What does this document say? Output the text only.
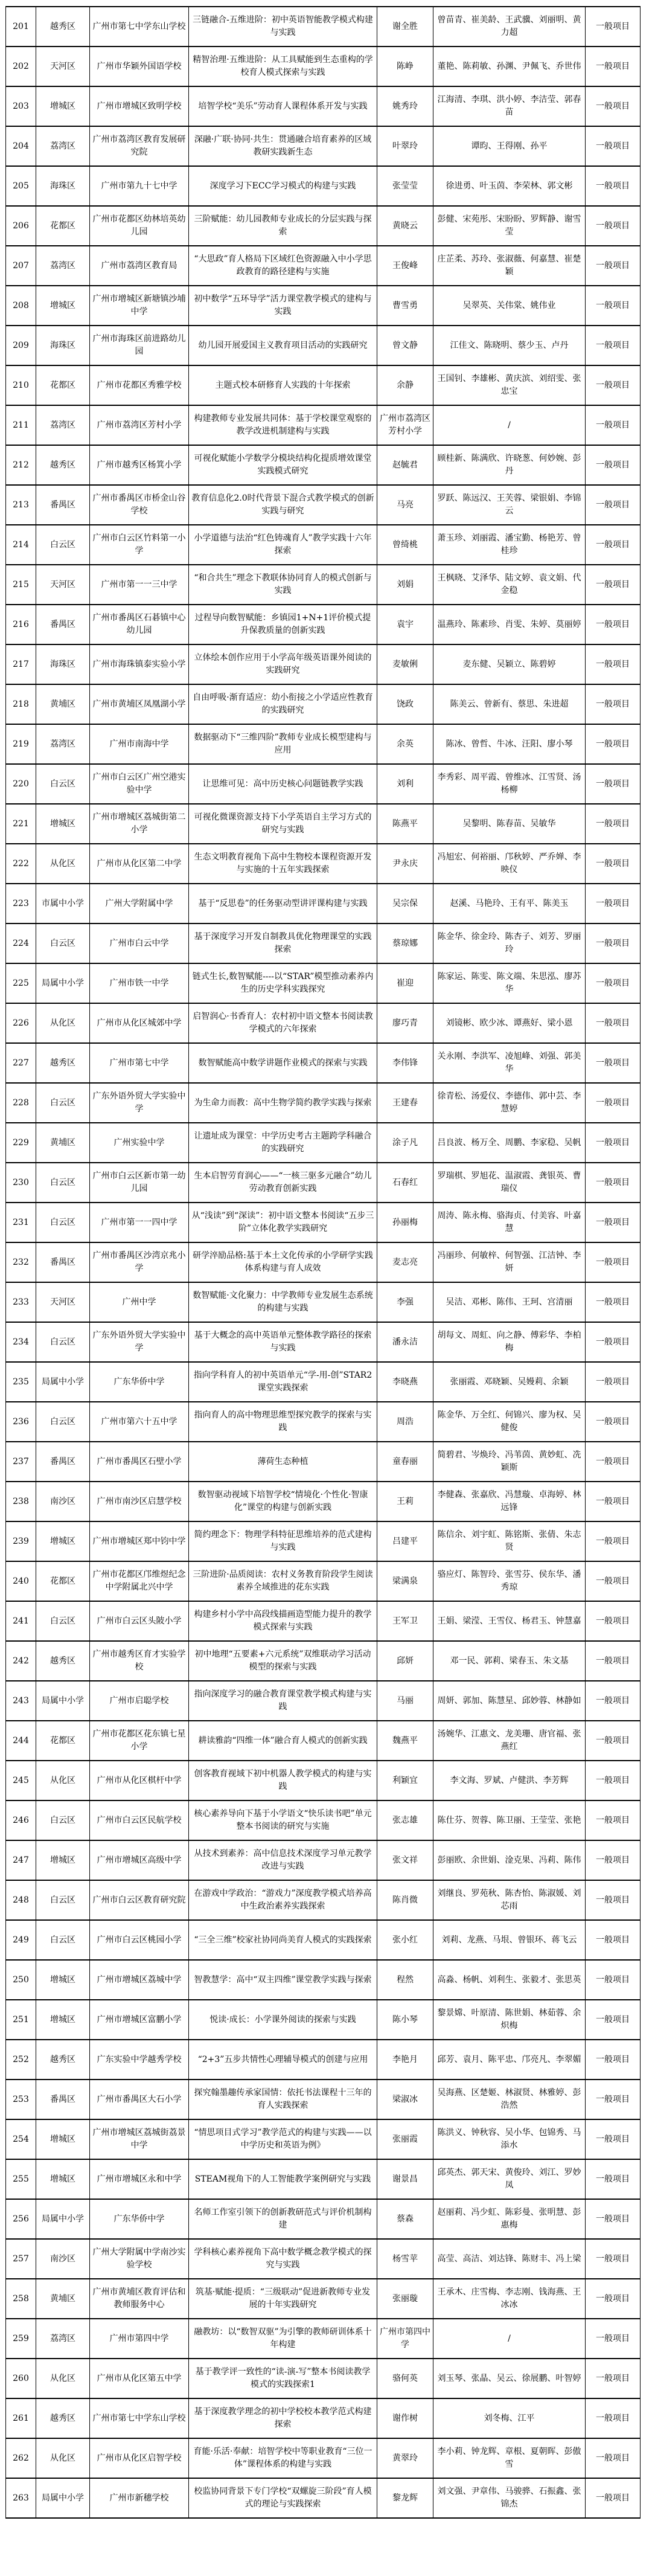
201	越秀区	广州市第七中学东山学校	三链融合-五维进阶：初中英语智能教学模式构建与实践	谢全胜	曾苗青、崔美龄、王武骥、刘丽明、黄力超	一般项目
202	天河区	广州市华颖外国语学校	精智治理·五维进阶：从工具赋能到生态重构的学校育人模式探索与实践	陈峥	董艳、陈莉敏、孙渊、尹佩飞、乔世伟	一般项目
203	增城区	广州市增城区致明学校	培智学校“美乐”劳动育人课程体系开发与实践	姚秀玲	江海清、李琪、洪小婷、李洁莹、郭春苗	一般项目
204	荔湾区	广州市荔湾区教育发展研究院	深融·广联·协同·共生：贯通融合培育素养的区域教研实践新生态	叶翠玲	谭昀、王得刚、孙平	一般项目
205	海珠区	广州市第九十七中学	深度学习下ECC学习模式的构建与实践	张莹莹	徐进勇、叶玉茵、李荣林、郭文彬	一般项目
206	花都区	广州市花都区幼林培英幼儿园	三阶赋能：幼儿园教师专业成长的分层实践与探索	黄晓云	彭健、宋苑彤、宋盼盼、罗辉静、谢雪莹	一般项目
207	荔湾区	广州市荔湾区教育局	“大思政”育人格局下区域红色资源融入中小学思政教育的路径建构与实施	王俊峰	庄芷柔、苏玲、张淑薇、何嘉慧、崔楚颖	一般项目
208	增城区	广州市增城区新塘镇沙埔中学	初中数学“五环导学”活力课堂教学模式的建构与实践	曹雪勇	吴翠英、关伟棠、姚伟业	一般项目
209	海珠区	广州市海珠区前进路幼儿园	幼儿园开展爱国主义教育项目活动的实践研究	曾文静	江佳文、陈晓明、蔡少玉、卢丹	一般项目
210	花都区	广州市花都区秀雅学校	主题式校本研修育人实践的十年探索	余静	王国钊、李雄彬、黄庆滨、刘绍雯、张忠宝	一般项目
211	荔湾区	广州市荔湾区芳村小学	构建教师专业发展共同体：基于学校课堂观察的教学改进机制建构与实践	广州市荔湾区芳村小学	/	一般项目
212	越秀区	广州市越秀区杨箕小学	可视化赋能小学数学分模块结构化提质增效课堂实践模式研究	赵毓君	顾桂新、陈满欣、许晓葱、何妙婉、彭丹	一般项目
213	番禺区	广州市番禺区市桥金山谷学校	教育信息化2.0时代背景下混合式教学模式的创新实践与研究	马亮	罗跃、陈远汉、王芙蓉、梁银娟、李锦云	一般项目
214	白云区	广州市白云区竹料第一小学	小学道德与法治“红色铸魂育人”教学实践十六年探索	曾绮桃	萧玉珍、刘丽霞、潘宝勤、杨艳芳、曾桂珍	一般项目
215	天河区	广州市第一一三中学	“和合共生”理念下教联体协同育人的模式创新与实践	刘娟	王枫晓、艾泽华、陆文婷、袁文娟、代金稳	一般项目
216	番禺区	广州市番禺区石碁镇中心幼儿园	过程导向数智赋能：乡镇园1+N+1评价模式提升保教质量的创新实践	袁宇	温燕玲、陈素珍、肖雯、朱婷、莫丽婷	一般项目
217	海珠区	广州市海珠镇泰实验小学	立体绘本创作应用于小学高年级英语课外阅读的实践研究	麦敏俐	麦东健、吴颖立、陈碧婷	一般项目
218	黄埔区	广州市黄埔区凤凰湖小学	自由呼吸·渐育适应：幼小衔接之小学适应性教育的实践研究	饶政	陈美云、曾新有、蔡思、朱进超	一般项目
219	荔湾区	广州市南海中学	数据驱动下“三维四阶”教师专业成长模型建构与应用	余英	陈冰、曾哲、牛冰、汪阳、廖小琴	一般项目
220	白云区	广州市白云区广州空港实验中学	让思维可见：高中历史核心问题链教学实践	刘利	李秀彩、周平霞、曾维冰、江雪贤、汤杨柳	一般项目
221	增城区	广州市增城区荔城街第二小学	可视化微课资源支持下小学英语自主学习方式的研究与实践	陈燕平	吴黎明、陈春苗、吴敏华	一般项目
222	从化区	广州市从化区第二中学	生态文明教育视角下高中生物校本课程资源开发与实施的十五年实践探索	尹永庆	冯旭宏、何裕丽、邝秋婷、严乔婵、李映仪	一般项目
223	市属中小学	广州大学附属中学	基于“反思卷”的任务驱动型讲评课构建与实践	吴宗保	赵溪、马艳玲、王有平、陈美玉	一般项目
224	白云区	广州市白云中学	基于深度学习开发自制教具优化物理课堂的实践探索	蔡琼娜	陈金华、徐金玲、陈杏子、刘芳、罗丽玲	一般项目
225	局属中小学	广州市铁一中学	链式生长,数智赋能----以“STAR”模型推动素养内生的历史学科实践探究	崔迎	陈家运、陈雯、陈文端、朱思泓、廖苏华	一般项目
226	从化区	广州市从化区城郊中学	启智润心·书香育人：农村初中语文整本书阅读教学模式的六年探索	廖巧青	刘镜彬、欧少冰、谭燕好、梁小恩	一般项目
227	越秀区	广州市第七中学	数智赋能高中数学讲题作业模式的探索与实践	李伟锋	关永刚、李洪军、凌旭峰、刘强、郭美华	一般项目
228	白云区	广东外语外贸大学实验中学	为生命力而教：高中生物学简约教学实践与探索	王建春	徐青松、汤爱仪、李德伟、郭中芸、李慧婷	一般项目
229	黄埔区	广州实验中学	让遗址成为课堂：中学历史考古主题跨学科融合的实践研究	涂子凡	吕良波、杨万全、周鹏、李家稳、吴帆	一般项目
230	白云区	广州市白云区新市第一幼儿园	生本启智劳育润心——“一核三驱多元融合”幼儿劳动教育创新实践	石春红	罗瑞棋、罗旭花、温淑霞、龚银英、曹瑞仪	一般项目
231	白云区	广州市第一一四中学	从“浅读”到“深读”：初中语文整本书阅读“五步三阶”立体化教学实践研究	孙丽梅	周涛、陈永梅、骆海贞、付美容、叶嘉慧	一般项目
232	番禺区	广州市番禺区沙湾京兆小学	研学淬励品格:基于本土文化传承的小学研学实践体系构建与育人成效	麦志亮	冯丽珍、何敏梓、何智强、江洁钟、李妍	一般项目
233	天河区	广州中学	数智赋能·文化聚力：中学教师专业发展生态系统的构建与实践	李强	吴洁、邓彬、陈伟、王珂、宫清丽	一般项目
234	白云区	广东外语外贸大学实验中学	基于大概念的高中英语单元整体教学路径的探索与实践	潘永洁	胡每文、周虹、向之静、傅彩华、李柏梅	一般项目
235	局属中小学	广东华侨中学	指向学科育人的初中英语单元“学-用-创”STAR2课堂实践探索	李晓燕	张丽霞、邓晓颖、吴嫚莉、余颖	一般项目
236	白云区	广州市第六十五中学	指向育人的高中物理思维型探究教学的探索与实践	周浩	陈金华、万全红、何锦兴、廖为权、吴健俊	一般项目
237	番禺区	广州市番禺区石壁小学	薄荷生态种植	童春丽	简碧君、岑焕玲、冯苇茵、黄妙虹、冼颖斯	一般项目
238	南沙区	广州市南沙区启慧学校	数智驱动视域下培智学校“情境化·个性化·智康化”课堂的构建与创新实践	王莉	李健森、张嘉欣、冯慧璇、卓海婷、林远锋	一般项目
239	增城区	广州市增城区郑中钧中学	简约理念下：物理学科特征思维培养的范式建构与实践	吕建平	陈信余、刘宇虹、陈铭斯、张倩、朱志贤	一般项目
240	花都区	广州市花都区邝维煜纪念中学附属北兴中学	三阶进阶·品质阅读：农村义务教育阶段学生阅读素养全域推进的花东实践	梁满泉	骆应灯、陈智玲、张雪芬、侯东华、潘秀琼	一般项目
241	白云区	广州市白云区头陂小学	构建乡村小学中高段线描画造型能力提升的教学模式探索与实践	王军卫	王娟、梁滢、王雪仪、杨君玉、钟慧嘉	一般项目
242	越秀区	广州市越秀区育才实验学校	初中地理“五要素+六元系统”双维联动学习活动模型的探索与实践	邱妍	邓一民、郭莉、梁春玉、朱文基	一般项目
243	局属中小学	广州市启聪学校	指向深度学习的融合教育课堂教学模式构建与实践	马丽	周妍、郭加、陈慧星、邱妙蓉、林静如	一般项目
244	花都区	广州市花都区花东镇七星小学	耕读雅韵“四维一体”融合育人模式的创新实践	魏燕平	汤婉华、江惠文、龙美珊、唐官福、张燕红	一般项目
245	从化区	广州市从化区棋杆中学	创客教育视域下初中机器人教学模式的构建与实践	利颖宜	李文海、罗斌、卢健洪、李芳辉	一般项目
246	白云区	广州市白云区民航学校	核心素养导向下基于小学语文“快乐读书吧”单元整本书阅读的研究与实施	张志雄	陈仕芬、贺蓉、陈卫丽、王莹莹、张艳	一般项目
247	增城区	广州市增城区高级中学	从技术到素养：高中信息技术深度学习单元教学改进与实践	张文祥	彭丽欧、余世娟、淦克果、冯莉、陈伟	一般项目
248	白云区	广州市白云区教育研究院	在游戏中学政治：“游戏力”深度教学模式培养高中生政治素养实践探索	陈肖微	刘继良、罗苑秋、陈杏怡、陈淑媛、刘芯雨	一般项目
249	白云区	广州市白云区桃园小学	“三全三维”校家社协同尚美育人模式的实践探索	张小红	刘莉、龙燕、马垠、曾银环、蒋飞云	一般项目
250	增城区	广州市增城区荔城中学	智教慧学：高中“双主四维”课堂教学实践与探索	程然	高淼、杨帆、刘利生、张毅才、张思英	一般项目
251	增城区	广州市增城区富鹏小学	悦读·成长：小学课外阅读的探索与实践	陈小琴	黎景嫦、叶原清、陈世娟、林茹蓉、余炽梅	一般项目
252	越秀区	广东实验中学越秀学校	“2+3”五步共情性心理辅导模式的创建与应用	李艳月	邱芳、袁月、陈平忠、邝亮凡、李翠媚	一般项目
253	番禺区	广州市番禺区大石小学	探究翰墨趣传承家国情：依托书法课程十三年的育人实践探索	梁淑冰	吴海燕、区楚姬、林淑贤、林雅婷、彭浩然	一般项目
254	增城区	广州市增城区荔城街荔景中学	“情思项目式学习”教学范式的构建与实践——以中学历史和英语为例》	张丽霞	陈洪义、钟秋容、吴小华、包锦秀、马添水	一般项目
255	增城区	广州市增城区永和中学	STEAM视角下的人工智能教学案例研究与实践	谢景昌	邱英杰、郭天宋、黄俊玲、刘江、罗妙凤	一般项目
256	局属中小学	广东华侨中学	名师工作室引领下的创新教研范式与评价机制构建	蔡森	赵丽莉、冯少虹、陈彩曼、张明慧、彭惠梅	一般项目
257	南沙区	广州大学附属中学南沙实验学校	学科核心素养视角下高中数学概念教学模式的探究与实践	杨雪苹	高莹、高洁、刘达锋、陈财丰、冯上梁	一般项目
258	黄埔区	广州市黄埔区教育评估和教师服务中心	筑基·赋能·提质：“三级联动”促进新教师专业发展的十年实践研究	张丽璇	王承木、庄雪梅、李志刚、钱海燕、王冰冰	一般项目
259	荔湾区	广州市第四中学	融教坊：以“数智双驱”为引擎的教师研训体系十年构建	广州市第四中学	/	一般项目
260	从化区	广州市从化区第五中学	基于教学评一致性的“读-演-写”整本书阅读教学模式的实践探索1	骆何英	刘玉琴、张晶、吴云、徐展鹏、叶智婷	一般项目
261	越秀区	广州市第七中学东山学校	基于深度教学理念的初中学校校本教学范式构建探索	谢作树	刘冬梅、江平	一般项目
262	从化区	广州市从化区启智学校	育能·乐活·奉献：培智学校中等职业教育“三位一体”课程体系的构建与实践	黄翠玲	李小莉、钟龙辉、章根、夏朝晖、彭傲雪	一般项目
263	局属中小学	广州市新穗学校	校监协同背景下专门学校“双螺旋三阶段”育人模式的理论与实践探索	黎龙辉	刘文强、尹章伟、马骏骅、石振鑫、张锦杰	一般项目
